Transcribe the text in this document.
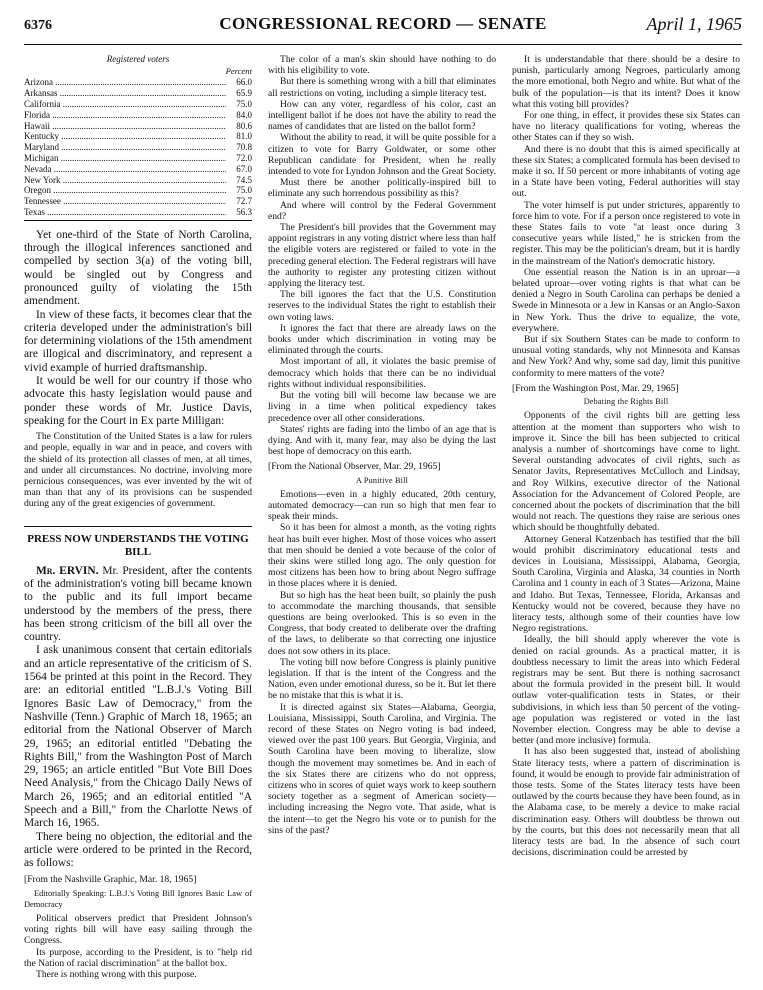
6376	CONGRESSIONAL RECORD — SENATE	April 1, 1965
Registered voters
Percent
Arizona .....	66.0
Arkansas .....	65.9
California .....	75.0
Florida .....	84.0
Hawaii .....	80.6
Kentucky .....	81.0
Maryland .....	70.8
Michigan .....	72.0
Nevada .....	67.0
New York .....	74.5
Oregon .....	75.0
Tennessee .....	72.7
Texas .....	56.3

Yet one-third of the State of North Carolina, through the illogical inferences sanctioned and compelled by section 3(a) of the voting bill, would be singled out by Congress and pronounced guilty of violating the 15th amendment.

In view of these facts, it becomes clear that the criteria developed under the administration's bill for determining violations of the 15th amendment are illogical and discriminatory, and represent a vivid example of hurried draftsmanship.

It would be well for our country if those who advocate this hasty legislation would pause and ponder these words of Mr. Justice Davis, speaking for the Court in Ex parte Milligan:

The Constitution of the United States is a law for rulers and people, equally in war and in peace, and covers with the shield of its protection all classes of men, at all times, and under all circumstances. No doctrine, involving more pernicious consequences, was ever invented by the wit of man than that any of its provisions can be suspended during any of the great exigencies of government.

PRESS NOW UNDERSTANDS THE VOTING BILL

Mr. ERVIN. Mr. President, after the contents of the administration's voting bill became known to the public and its full import became understood by the members of the press, there has been strong criticism of the bill all over the country.

I ask unanimous consent that certain editorials and an article representative of the criticism of S. 1564 be printed at this point in the Record. They are: an editorial entitled "L.B.J.'s Voting Bill Ignores Basic Law of Democracy," from the Nashville (Tenn.) Graphic of March 18, 1965; an editorial from the National Observer of March 29, 1965; an editorial entitled "Debating the Rights Bill," from the Washington Post of March 29, 1965; an article entitled "But Vote Bill Does Need Analysis," from the Chicago Daily News of March 26, 1965; and an editorial entitled "A Speech and a Bill," from the Charlotte News of March 16, 1965.

There being no objection, the editorial and the article were ordered to be printed in the Record, as follows:

[From the Nashville Graphic, Mar. 18, 1965]

Editorially Speaking: L.B.J.'s Voting Bill Ignores Basic Law of Democracy

Political observers predict that President Johnson's voting rights bill will have easy sailing through the Congress.

Its purpose, according to the President, is to "help rid the Nation of racial discrimination" at the ballot box.

There is nothing wrong with this purpose.

The color of a man's skin should have nothing to do with his eligibility to vote.

But there is something wrong with a bill that eliminates all restrictions on voting, including a simple literacy test.

How can any voter, regardless of his color, cast an intelligent ballot if he does not have the ability to read the names of candidates that are listed on the ballot form?

Without the ability to read, it will be quite possible for a citizen to vote for Barry Goldwater, or some other Republican candidate for President, when he really intended to vote for Lyndon Johnson and the Great Society.

Must there be another politically-inspired bill to eliminate any such horrendous possibility as this?

And where will control by the Federal Government end?

The President's bill provides that the Government may appoint registrars in any voting district where less than half the eligible voters are registered or failed to vote in the preceding general election. The Federal registrars will have the authority to register any protesting citizen without applying the literacy test.

The bill ignores the fact that the U.S. Constitution reserves to the individual States the right to establish their own voting laws.

It ignores the fact that there are already laws on the books under which discrimination in voting may be eliminated through the courts.

Most important of all, it violates the basic premise of democracy which holds that there can be no individual rights without individual responsibilities.

But the voting bill will become law because we are living in a time when political expediency takes precedence over all other considerations.

States' rights are fading into the limbo of an age that is dying. And with it, many fear, may also be dying the last best hope of democracy on this earth.

[From the National Observer, Mar. 29, 1965]

A Punitive Bill

Emotions—even in a highly educated, 20th century, automated democracy—can run so high that men fear to speak their minds.

So it has been for almost a month, as the voting rights heat has built ever higher. Most of those voices who assert that men should be denied a vote because of the color of their skins were stilled long ago. The only question for most citizens has been how to bring about Negro suffrage in those places where it is denied.

But so high has the heat been built, so plainly the push to accommodate the marching thousands, that sensible questions are being overlooked. This is so even in the Congress, that body created to deliberate over the drafting of the laws, to deliberate so that correcting one injustice does not sow others in its place.

The voting bill now before Congress is plainly punitive legislation. If that is the intent of the Congress and the Nation, even under emotional duress, so be it. But let there be no mistake that this is what it is.

It is directed against six States—Alabama, Georgia, Louisiana, Mississippi, South Carolina, and Virginia. The record of these States on Negro voting is bad indeed, viewed over the past 100 years. But Georgia, Virginia, and South Carolina have been moving to liberalize, slow though the movement may sometimes be. And in each of the six States there are citizens who do not oppress, citizens who in scores of quiet ways work to keep southern society together as a segment of American society—including increasing the Negro vote. That aside, what is the intent—to get the Negro his vote or to punish for the sins of the past?

It is understandable that there should be a desire to punish, particularly among Negroes, particularly among the more emotional, both Negro and white. But what of the bulk of the population—is that its intent? Does it know what this voting bill provides?

For one thing, in effect, it provides these six States can have no literacy qualifications for voting, whereas the other States can if they so wish.

And there is no doubt that this is aimed specifically at these six States; a complicated formula has been devised to make it so. If 50 percent or more inhabitants of voting age in a State have been voting, Federal authorities will stay out.

The voter himself is put under strictures, apparently to force him to vote. For if a person once registered to vote in these States fails to vote "at least once during 3 consecutive years while listed," he is stricken from the register. This may be the politician's dream, but it is hardly in the mainstream of the Nation's democratic history.

One essential reason the Nation is in an uproar—a belated uproar—over voting rights is that what can be denied a Negro in South Carolina can perhaps be denied a Swede in Minnesota or a Jew in Kansas or an Anglo-Saxon in New York. Thus the drive to equalize, the vote, everywhere.

But if six Southern States can be made to conform to unusual voting standards, why not Minnesota and Kansas and New York? And why, some sad day, limit this punitive conformity to mere matters of the vote?

[From the Washington Post, Mar. 29, 1965]

Debating the Rights Bill

Opponents of the civil rights bill are getting less attention at the moment than supporters who wish to improve it. Since the bill has been subjected to critical analysis a number of shortcomings have come to light. Several outstanding advocates of civil rights, such as Senator Javits, Representatives McCulloch and Lindsay, and Roy Wilkins, executive director of the National Association for the Advancement of Colored People, are concerned about the pockets of discrimination that the bill would not reach. The questions they raise are serious ones which should be thoughtfully debated.

Attorney General Katzenbach has testified that the bill would prohibit discriminatory educational tests and devices in Louisiana, Mississippi, Alabama, Georgia, South Carolina, Virginia and Alaska, 34 counties in North Carolina and 1 county in each of 3 States—Arizona, Maine and Idaho. But Texas, Tennessee, Florida, Arkansas and Kentucky would not be covered, because they have no literacy tests, although some of their counties have low Negro registrations.

Ideally, the bill should apply wherever the vote is denied on racial grounds. As a practical matter, it is doubtless necessary to limit the areas into which Federal registrars may be sent. But there is nothing sacrosanct about the formula provided in the present bill. It would outlaw voter-qualification tests in States, or their subdivisions, in which less than 50 percent of the voting-age population was registered or voted in the last November election. Congress may be able to devise a better (and more inclusive) formula.

It has also been suggested that, instead of abolishing State literacy tests, where a pattern of discrimination is found, it would be enough to provide fair administration of those tests. Some of the States literacy tests have been outlawed by the courts because they have been found, as in the Alabama case, to be merely a device to make racial discrimination easy. Others will doubtless be thrown out by the courts, but this does not necessarily mean that all literacy tests are bad. In the absence of such court decisions, discrimination could be arrested by
